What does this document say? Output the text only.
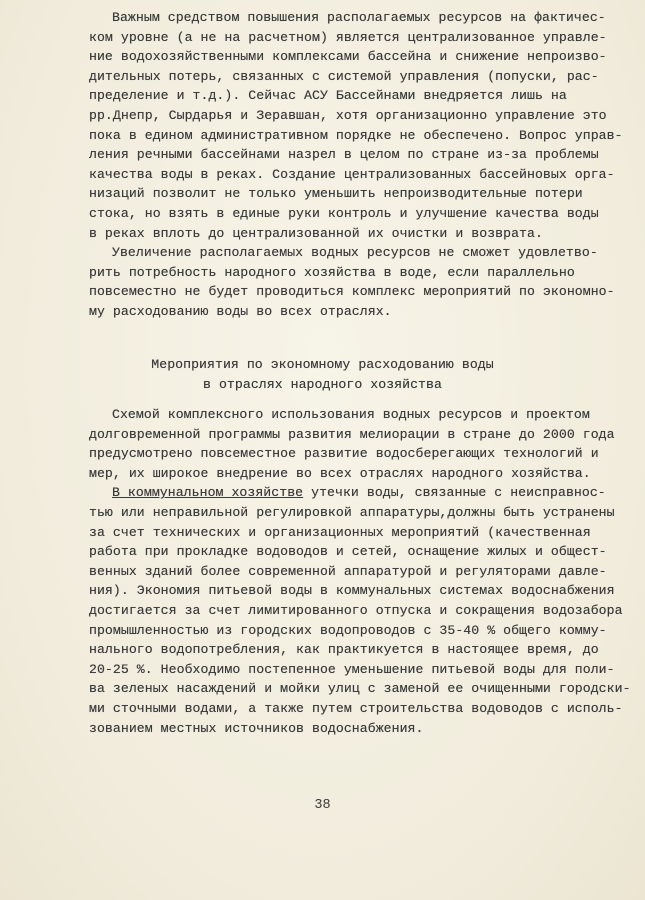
Важным средством повышения располагаемых ресурсов на фактичес-
ком уровне (а не на расчетном) является централизованное управле-
ние водохозяйственными комплексами бассейна и снижение непроизво-
дительных потерь, связанных с системой управления (попуски, рас-
пределение и т.д.). Сейчас АСУ Бассейнами внедряется лишь на
рр.Днепр, Сырдарья и Зеравшан, хотя организационно управление это
пока в едином административном порядке не обеспечено. Вопрос управ-
ления речными бассейнами назрел в целом по стране из-за проблемы
качества воды в реках. Создание централизованных бассейновых орга-
низаций позволит не только уменьшить непроизводительные потери
стока, но взять в единые руки контроль и улучшение качества воды
в реках вплоть до централизованной их очистки и возврата.
Увеличение располагаемых водных ресурсов не сможет удовлетво-
рить потребность народного хозяйства в воде, если параллельно
повсеместно не будет проводиться комплекс мероприятий по экономно-
му расходованию воды во всех отраслях.
Мероприятия по экономному расходованию воды
в отраслях народного хозяйства
Схемой комплексного использования водных ресурсов и проектом
долговременной программы развития мелиорации в стране до 2000 года
предусмотрено повсеместное развитие водосберегающих технологий и
мер, их широкое внедрение во всех отраслях народного хозяйства.
В коммунальном хозяйстве утечки воды, связанные с неисправнос-
тью или неправильной регулировкой аппаратуры,должны быть устранены
за счет технических и организационных мероприятий (качественная
работа при прокладке водоводов и сетей, оснащение жилых и общест-
венных зданий более современной аппаратурой и регуляторами давле-
ния). Экономия питьевой воды в коммунальных системах водоснабжения
достигается за счет лимитированного отпуска и сокращения водозабора
промышленностью из городских водопроводов с 35-40 % общего комму-
нального водопотребления, как практикуется в настоящее время, до
20-25 %. Необходимо постепенное уменьшение питьевой воды для поли-
ва зеленых насаждений и мойки улиц с заменой ее очищенными городски-
ми сточными водами, а также путем строительства водоводов с исполь-
зованием местных источников водоснабжения.
38
